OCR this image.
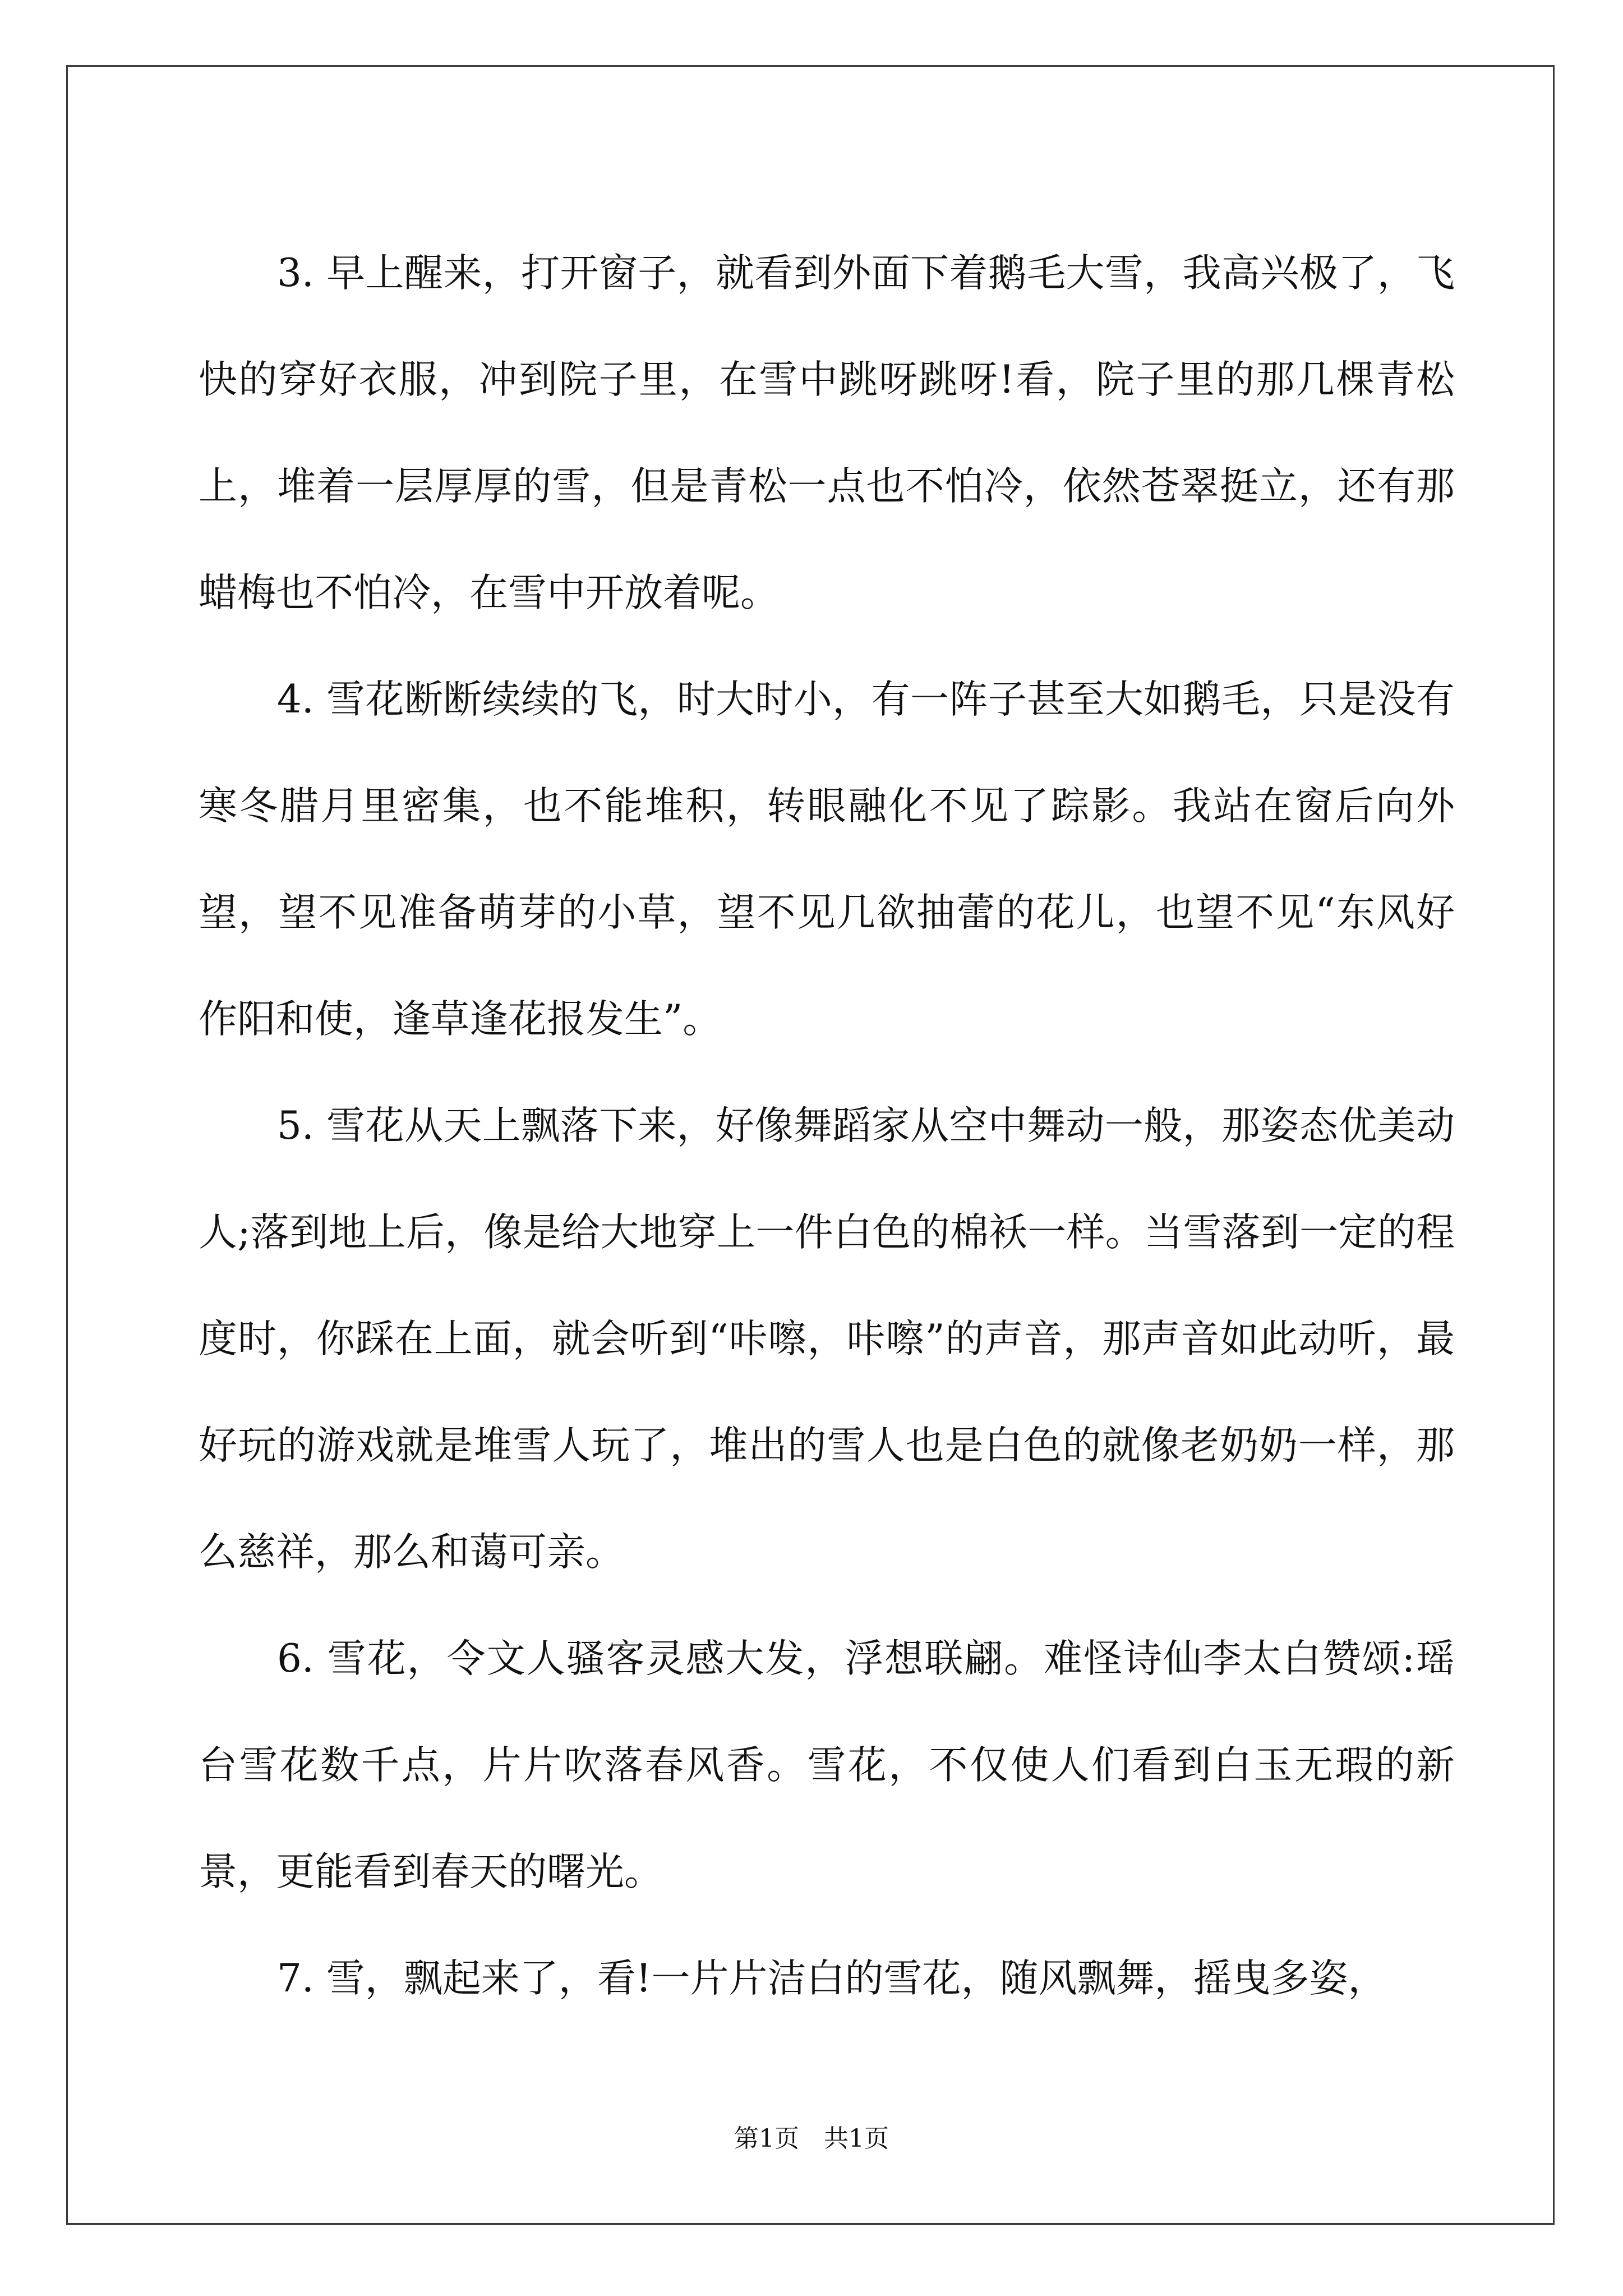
3. 早上醒来，打开窗子，就看到外面下着鹅毛大雪，我高兴极了，飞快的穿好衣服，冲到院子里，在雪中跳呀跳呀!看，院子里的那几棵青松上，堆着一层厚厚的雪，但是青松一点也不怕冷，依然苍翠挺立，还有那蜡梅也不怕冷，在雪中开放着呢。

4. 雪花断断续续的飞，时大时小，有一阵子甚至大如鹅毛，只是没有寒冬腊月里密集，也不能堆积，转眼融化不见了踪影。我站在窗后向外望，望不见准备萌芽的小草，望不见几欲抽蕾的花儿，也望不见“东风好作阳和使，逢草逢花报发生”。

5. 雪花从天上飘落下来，好像舞蹈家从空中舞动一般，那姿态优美动人;落到地上后，像是给大地穿上一件白色的棉袄一样。当雪落到一定的程度时，你踩在上面，就会听到“咔嚓，咔嚓”的声音，那声音如此动听，最好玩的游戏就是堆雪人玩了，堆出的雪人也是白色的就像老奶奶一样，那么慈祥，那么和蔼可亲。

6. 雪花，令文人骚客灵感大发，浮想联翩。难怪诗仙李太白赞颂:瑶台雪花数千点，片片吹落春风香。雪花，不仅使人们看到白玉无瑕的新景，更能看到春天的曙光。

7. 雪，飘起来了，看!一片片洁白的雪花，随风飘舞，摇曳多姿，

第1页　共1页
